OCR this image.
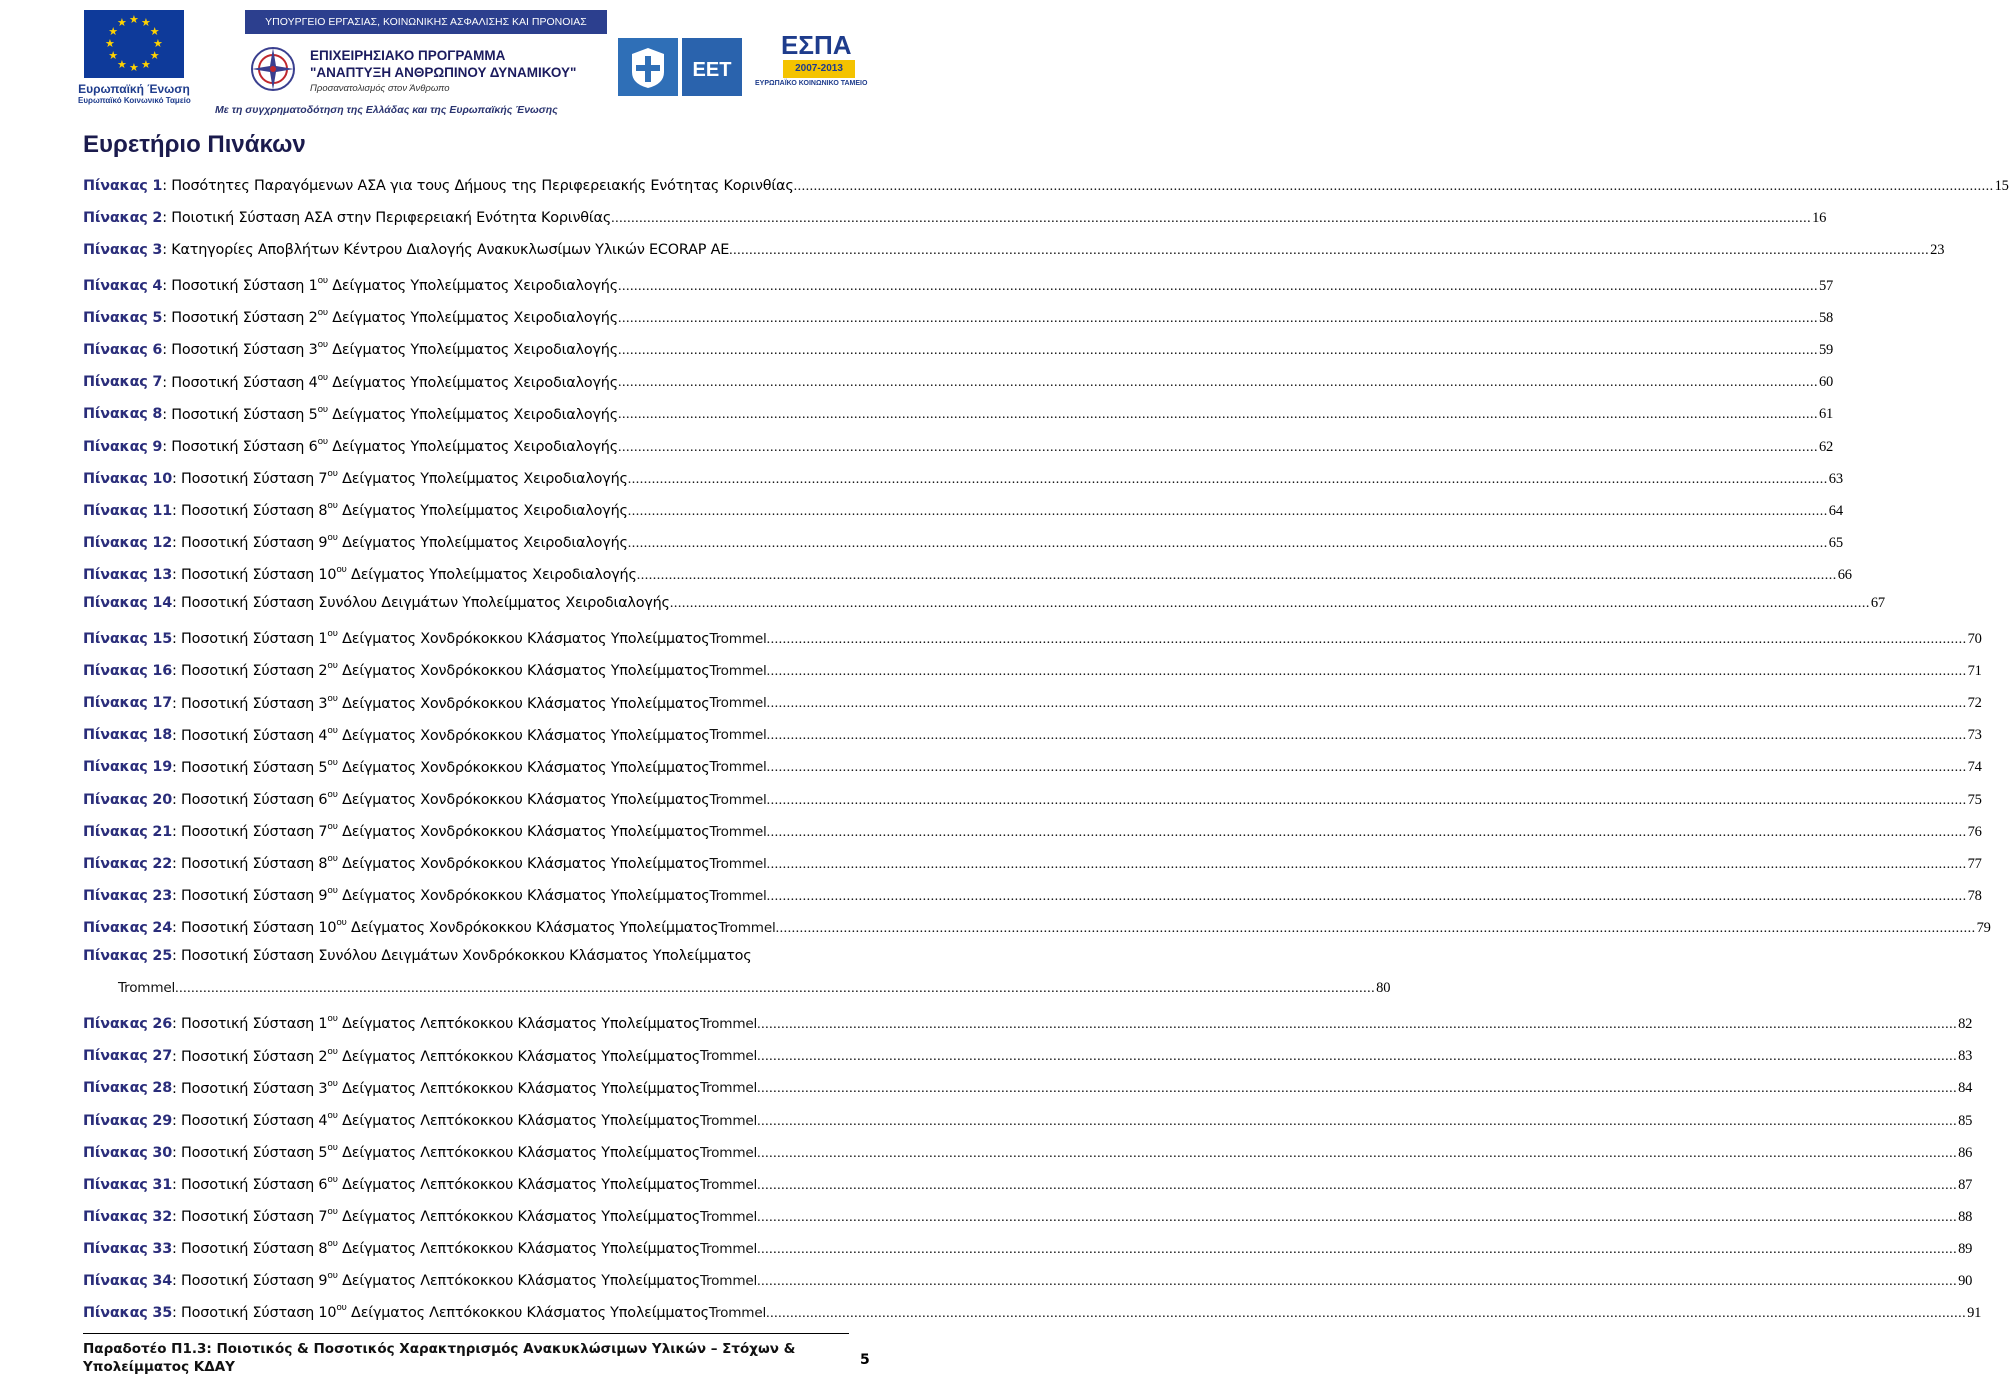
★ ★
★
★
★
★
★
★
★
★
★
★
Ευρωπαϊκή Ένωση
Ευρωπαϊκό Κοινωνικό Ταμείο
ΥΠΟΥΡΓΕΙΟ ΕΡΓΑΣΙΑΣ, ΚΟΙΝΩΝΙΚΗΣ ΑΣΦΑΛΙΣΗΣ ΚΑΙ ΠΡΟΝΟΙΑΣ
ΕΠΙΧΕΙΡΗΣΙΑΚΟ ΠΡΟΓΡΑΜΜΑ
"ΑΝΑΠΤΥΞΗ ΑΝΘΡΩΠΙΝΟΥ ΔΥΝΑΜΙΚΟΥ"
Προσανατολισμός στον Άνθρωπο
Με τη συγχρηματοδότηση της Ελλάδας και της Ευρωπαϊκής Ένωσης
ΕΕΤ
ΕΣΠΑ
2007-2013
ΕΥΡΩΠΑΪΚΟ ΚΟΙΝΩΝΙΚΟ ΤΑΜΕΙΟ
Ευρετήριο Πινάκων
Πίνακας 1 : Ποσότητες Παραγόμενων ΑΣΑ για τους Δήμους της Περιφερειακής Ενότητας Κορινθίας ............................................................................................................................................................................................................................................................................................................ 15
Πίνακας 2 : Ποιοτική Σύσταση ΑΣΑ στην Περιφερειακή Ενότητα Κορινθίας ............................................................................................................................................................................................................................................................................................................ 16
Πίνακας 3 : Κατηγορίες Αποβλήτων Κέντρου Διαλογής Ανακυκλωσίμων Υλικών ECORAP ΑΕ ............................................................................................................................................................................................................................................................................................................ 23
Πίνακας 4 : Ποσοτική Σύσταση $1^{o\upsilon}$ Δείγματος Υπολείμματος Χειροδιαλογής ............................................................................................................................................................................................................................................................................................................ 57
Πίνακας 5 : Ποσοτική Σύσταση $2^{o\upsilon}$ Δείγματος Υπολείμματος Χειροδιαλογής ............................................................................................................................................................................................................................................................................................................ 58
Πίνακας 6 : Ποσοτική Σύσταση $3^{o\upsilon}$ Δείγματος Υπολείμματος Χειροδιαλογής ............................................................................................................................................................................................................................................................................................................ 59
Πίνακας 7 : Ποσοτική Σύσταση $4^{o\upsilon}$ Δείγματος Υπολείμματος Χειροδιαλογής ............................................................................................................................................................................................................................................................................................................ 60
Πίνακας 8 : Ποσοτική Σύσταση $5^{o\upsilon}$ Δείγματος Υπολείμματος Χειροδιαλογής ............................................................................................................................................................................................................................................................................................................ 61
Πίνακας 9 : Ποσοτική Σύσταση $6^{o\upsilon}$ Δείγματος Υπολείμματος Χειροδιαλογής ............................................................................................................................................................................................................................................................................................................ 62
Πίνακας 10 : Ποσοτική Σύσταση $7^{o\upsilon}$ Δείγματος Υπολείμματος Χειροδιαλογής ............................................................................................................................................................................................................................................................................................................ 63
Πίνακας 11 : Ποσοτική Σύσταση $8^{o\upsilon}$ Δείγματος Υπολείμματος Χειροδιαλογής ............................................................................................................................................................................................................................................................................................................ 64
Πίνακας 12 : Ποσοτική Σύσταση $9^{o\upsilon}$ Δείγματος Υπολείμματος Χειροδιαλογής ............................................................................................................................................................................................................................................................................................................ 65
Πίνακας 13 : Ποσοτική Σύσταση $10^{o\upsilon}$ Δείγματος Υπολείμματος Χειροδιαλογής ............................................................................................................................................................................................................................................................................................................ 66
Πίνακας 14 : Ποσοτική Σύσταση Συνόλου Δειγμάτων Υπολείμματος Χειροδιαλογής ............................................................................................................................................................................................................................................................................................................ 67
Πίνακας 15 : Ποσοτική Σύσταση $1^{o\upsilon}$ Δείγματος Χονδρόκοκκου Κλάσματος Υπολείμματος Trommel ............................................................................................................................................................................................................................................................................................................ 70
Πίνακας 16 : Ποσοτική Σύσταση $2^{o\upsilon}$ Δείγματος Χονδρόκοκκου Κλάσματος Υπολείμματος Trommel ............................................................................................................................................................................................................................................................................................................ 71
Πίνακας 17 : Ποσοτική Σύσταση $3^{o\upsilon}$ Δείγματος Χονδρόκοκκου Κλάσματος Υπολείμματος Trommel ............................................................................................................................................................................................................................................................................................................ 72
Πίνακας 18 : Ποσοτική Σύσταση $4^{o\upsilon}$ Δείγματος Χονδρόκοκκου Κλάσματος Υπολείμματος Trommel ............................................................................................................................................................................................................................................................................................................ 73
Πίνακας 19 : Ποσοτική Σύσταση $5^{o\upsilon}$ Δείγματος Χονδρόκοκκου Κλάσματος Υπολείμματος Trommel ............................................................................................................................................................................................................................................................................................................ 74
Πίνακας 20 : Ποσοτική Σύσταση $6^{o\upsilon}$ Δείγματος Χονδρόκοκκου Κλάσματος Υπολείμματος Trommel ............................................................................................................................................................................................................................................................................................................ 75
Πίνακας 21 : Ποσοτική Σύσταση $7^{o\upsilon}$ Δείγματος Χονδρόκοκκου Κλάσματος Υπολείμματος Trommel ............................................................................................................................................................................................................................................................................................................ 76
Πίνακας 22 : Ποσοτική Σύσταση $8^{o\upsilon}$ Δείγματος Χονδρόκοκκου Κλάσματος Υπολείμματος Trommel ............................................................................................................................................................................................................................................................................................................ 77
Πίνακας 23 : Ποσοτική Σύσταση $9^{o\upsilon}$ Δείγματος Χονδρόκοκκου Κλάσματος Υπολείμματος Trommel ............................................................................................................................................................................................................................................................................................................ 78
Πίνακας 24 : Ποσοτική Σύσταση $10^{o\upsilon}$ Δείγματος Χονδρόκοκκου Κλάσματος Υπολείμματος Trommel ............................................................................................................................................................................................................................................................................................................ 79
Πίνακας 25 : Ποσοτική Σύσταση Συνόλου Δειγμάτων Χονδρόκοκκου Κλάσματος Υπολείμματος
Trommel ............................................................................................................................................................................................................................................................................................................ 80
Πίνακας 26 : Ποσοτική Σύσταση $1^{o\upsilon}$ Δείγματος Λεπτόκοκκου Κλάσματος Υπολείμματος Trommel ............................................................................................................................................................................................................................................................................................................ 82
Πίνακας 27 : Ποσοτική Σύσταση $2^{o\upsilon}$ Δείγματος Λεπτόκοκκου Κλάσματος Υπολείμματος Trommel ............................................................................................................................................................................................................................................................................................................ 83
Πίνακας 28 : Ποσοτική Σύσταση $3^{o\upsilon}$ Δείγματος Λεπτόκοκκου Κλάσματος Υπολείμματος Trommel ............................................................................................................................................................................................................................................................................................................ 84
Πίνακας 29 : Ποσοτική Σύσταση $4^{o\upsilon}$ Δείγματος Λεπτόκοκκου Κλάσματος Υπολείμματος Trommel ............................................................................................................................................................................................................................................................................................................ 85
Πίνακας 30 : Ποσοτική Σύσταση $5^{o\upsilon}$ Δείγματος Λεπτόκοκκου Κλάσματος Υπολείμματος Trommel ............................................................................................................................................................................................................................................................................................................ 86
Πίνακας 31 : Ποσοτική Σύσταση $6^{o\upsilon}$ Δείγματος Λεπτόκοκκου Κλάσματος Υπολείμματος Trommel ............................................................................................................................................................................................................................................................................................................ 87
Πίνακας 32 : Ποσοτική Σύσταση $7^{o\upsilon}$ Δείγματος Λεπτόκοκκου Κλάσματος Υπολείμματος Trommel ............................................................................................................................................................................................................................................................................................................ 88
Πίνακας 33 : Ποσοτική Σύσταση $8^{o\upsilon}$ Δείγματος Λεπτόκοκκου Κλάσματος Υπολείμματος Trommel ............................................................................................................................................................................................................................................................................................................ 89
Πίνακας 34 : Ποσοτική Σύσταση $9^{o\upsilon}$ Δείγματος Λεπτόκοκκου Κλάσματος Υπολείμματος Trommel ............................................................................................................................................................................................................................................................................................................ 90
Πίνακας 35 : Ποσοτική Σύσταση $10^{o\upsilon}$ Δείγματος Λεπτόκοκκου Κλάσματος Υπολείμματος Trommel ............................................................................................................................................................................................................................................................................................................ 91
Παραδοτέο Π1.3: Ποιοτικός & Ποσοτικός Χαρακτηρισμός Ανακυκλώσιμων Υλικών – Στόχων & Υπολείμματος ΚΔΑΥ	5
